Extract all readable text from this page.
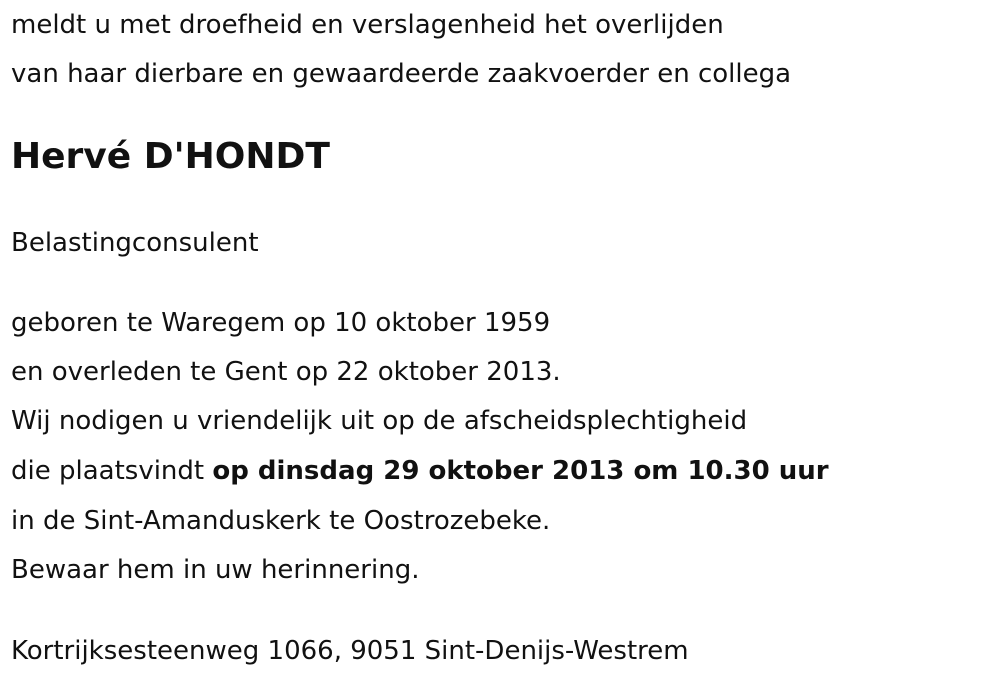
meldt u met droefheid en verslagenheid het overlijden
van haar dierbare en gewaardeerde zaakvoerder en collega
Hervé D'HONDT
Belastingconsulent
geboren te Waregem op 10 oktober 1959
en overleden te Gent op 22 oktober 2013.
Wij nodigen u vriendelijk uit op de afscheidsplechtigheid
die plaatsvindt op dinsdag 29 oktober 2013 om 10.30 uur
in de Sint-Amanduskerk te Oostrozebeke.
Bewaar hem in uw herinnering.
Kortrijksesteenweg 1066, 9051 Sint-Denijs-Westrem
